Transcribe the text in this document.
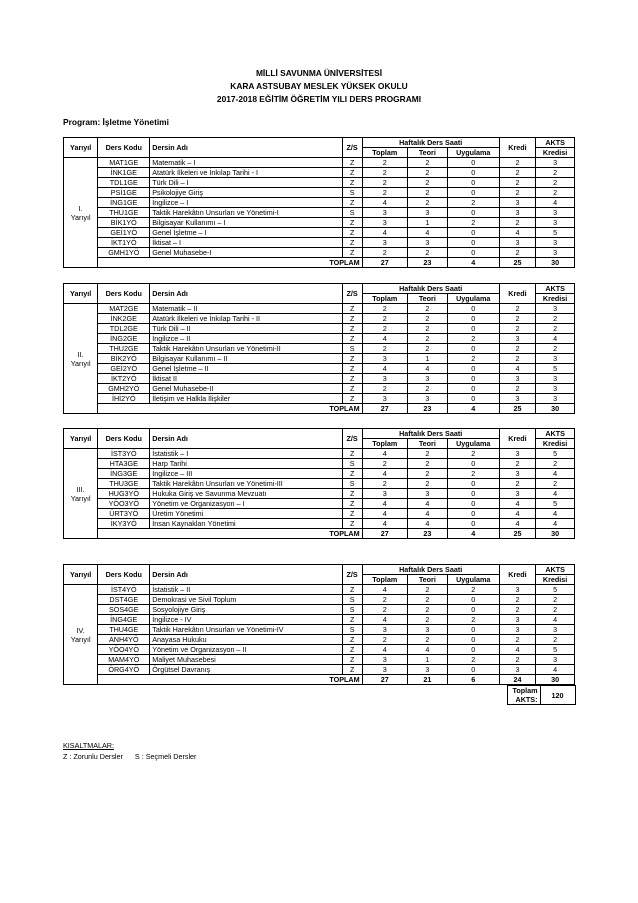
MİLLİ SAVUNMA ÜNİVERSİTESİ
KARA ASTSUBAY MESLEK YÜKSEK OKULU
2017-2018 EĞİTİM ÖĞRETİM YILI DERS PROGRAMI
Program: İşletme Yönetimi
Yarıyıl	Ders Kodu	Dersin Adı	Z/S	Haftalık Ders Saati			Kredi	AKTS
				Toplam	Teori	Uygulama		Kredisi

I.
Yarıyıl	MAT1GE	Matematik – I	Z	2	2	0	2	3
	İNK1GE	Atatürk İlkeleri ve İnkılap Tarihi - I	Z	2	2	0	2	2
	TDL1GE	Türk Dili – I	Z	2	2	0	2	2
	PSİ1GE	Psikolojiye Giriş	S	2	2	0	2	2
	İNG1GE	İngilizce – I	Z	4	2	2	3	4
	THU1GE	Taktik Harekâtın Unsurları ve Yönetimi-I	S	3	3	0	3	3
	BİK1YÖ	Bilgisayar Kullanımı – I	Z	3	1	2	2	3
	GEİ1YÖ	Genel İşletme – I	Z	4	4	0	4	5
	İKT1YÖ	İktisat – I	Z	3	3	0	3	3
	GMH1YÖ	Genel Muhasebe-I	Z	2	2	0	2	3
	TOPLAM			27	23	4	25	30
Yarıyıl	Ders Kodu	Dersin Adı	Z/S	Haftalık Ders Saati			Kredi	AKTS
				Toplam	Teori	Uygulama		Kredisi

II.
Yarıyıl	MAT2GE	Matematik – II	Z	2	2	0	2	3
	İNK2GE	Atatürk İlkeleri ve İnkılap Tarihi - II	Z	2	2	0	2	2
	TDL2GE	Türk Dili – II	Z	2	2	0	2	2
	İNG2GE	İngilizce – II	Z	4	2	2	3	4
	THU2GE	Taktik Harekâtın Unsurları ve Yönetimi-II	S	2	2	0	2	2
	BİK2YÖ	Bilgisayar Kullanımı – II	Z	3	1	2	2	3
	GEİ2YÖ	Genel İşletme – II	Z	4	4	0	4	5
	İKT2YÖ	İktisat II	Z	3	3	0	3	3
	GMH2YÖ	Genel Muhasebe-II	Z	2	2	0	2	3
	İHİ2YÖ	İletişim ve Halkla İlişkiler	Z	3	3	0	3	3
	TOPLAM			27	23	4	25	30
Yarıyıl	Ders Kodu	Dersin Adı	Z/S	Haftalık Ders Saati			Kredi	AKTS
				Toplam	Teori	Uygulama		Kredisi

III.
Yarıyıl	İST3YÖ	İstatistik – I	Z	4	2	2	3	5
	HTA3GE	Harp Tarihi	S	2	2	0	2	2
	İNG3GE	İngilizce – III	Z	4	2	2	3	4
	THU3GE	Taktik Harekâtın Unsurları ve Yönetimi-III	S	2	2	0	2	2
	HUG3YÖ	Hukuka Giriş ve Savunma Mevzuatı	Z	3	3	0	3	4
	YÖO3YÖ	Yönetim ve Organizasyon – I	Z	4	4	0	4	5
	ÜRT3YÖ	Üretim Yönetimi	Z	4	4	0	4	4
	İKY3YÖ	İnsan Kaynakları Yönetimi	Z	4	4	0	4	4
	TOPLAM			27	23	4	25	30
Yarıyıl	Ders Kodu	Dersin Adı	Z/S	Haftalık Ders Saati			Kredi	AKTS
				Toplam	Teori	Uygulama		Kredisi

IV.
Yarıyıl	İST4YÖ	İstatistik – II	Z	4	2	2	3	5
	DST4GE	Demokrasi ve Sivil Toplum	S	2	2	0	2	2
	SOS4GE	Sosyolojiye Giriş	S	2	2	0	2	2
	İNG4GE	İngilizce - IV	Z	4	2	2	3	4
	THU4GE	Taktik Harekâtın Unsurları ve Yönetimi-IV	S	3	3	0	3	3
	ANH4YÖ	Anayasa Hukuku	Z	2	2	0	2	2
	YÖO4YÖ	Yönetim ve Organizasyon – II	Z	4	4	0	4	5
	MAM4YÖ	Maliyet Muhasebesi	Z	3	1	2	2	3
	ÖRG4YÖ	Örgütsel Davranış	Z	3	3	0	3	4
	TOPLAM			27	21	6	24	30
	Toplam AKTS:	120
KISALTMALAR:
Z : Zorunlu Dersler S : Seçmeli Dersler
